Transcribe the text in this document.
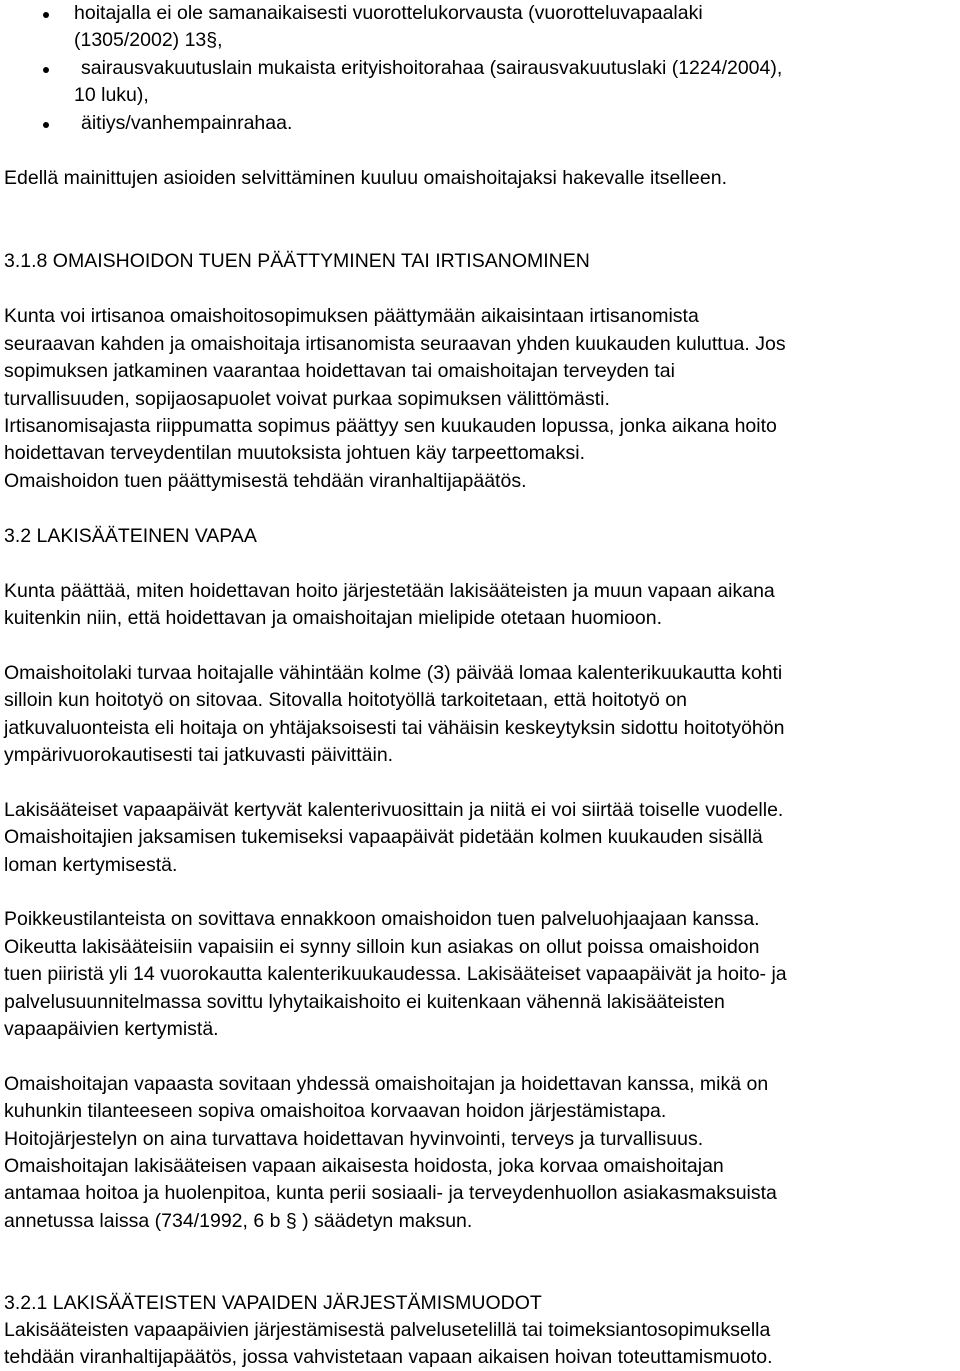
hoitajalla ei ole samanaikaisesti vuorottelukorvausta (vuorotteluvapaalaki
(1305/2002) 13§,
sairausvakuutuslain mukaista erityishoitorahaa (sairausvakuutuslaki (1224/2004),
10 luku),
äitiys/vanhempainrahaa.
Edellä mainittujen asioiden selvittäminen kuuluu omaishoitajaksi hakevalle itselleen.
3.1.8 OMAISHOIDON TUEN PÄÄTTYMINEN TAI IRTISANOMINEN
Kunta voi irtisanoa omaishoitosopimuksen päättymään aikaisintaan irtisanomista
seuraavan kahden ja omaishoitaja irtisanomista seuraavan yhden kuukauden kuluttua. Jos
sopimuksen jatkaminen vaarantaa hoidettavan tai omaishoitajan terveyden tai
turvallisuuden, sopijaosapuolet voivat purkaa sopimuksen välittömästi.
Irtisanomisajasta riippumatta sopimus päättyy sen kuukauden lopussa, jonka aikana hoito
hoidettavan terveydentilan muutoksista johtuen käy tarpeettomaksi.
Omaishoidon tuen päättymisestä tehdään viranhaltijapäätös.
3.2 LAKISÄÄTEINEN VAPAA
Kunta päättää, miten hoidettavan hoito järjestetään lakisääteisten ja muun vapaan aikana
kuitenkin niin, että hoidettavan ja omaishoitajan mielipide otetaan huomioon.
Omaishoitolaki turvaa hoitajalle vähintään kolme (3) päivää lomaa kalenterikuukautta kohti
silloin kun hoitotyö on sitovaa. Sitovalla hoitotyöllä tarkoitetaan, että hoitotyö on
jatkuvaluonteista eli hoitaja on yhtäjaksoisesti tai vähäisin keskeytyksin sidottu hoitotyöhön
ympärivuorokautisesti tai jatkuvasti päivittäin.
Lakisääteiset vapaapäivät kertyvät kalenterivuosittain ja niitä ei voi siirtää toiselle vuodelle.
Omaishoitajien jaksamisen tukemiseksi vapaapäivät pidetään kolmen kuukauden sisällä
loman kertymisestä.
Poikkeustilanteista on sovittava ennakkoon omaishoidon tuen palveluohjaajaan kanssa.
Oikeutta lakisääteisiin vapaisiin ei synny silloin kun asiakas on ollut poissa omaishoidon
tuen piiristä yli 14 vuorokautta kalenterikuukaudessa. Lakisääteiset vapaapäivät ja hoito- ja
palvelusuunnitelmassa sovittu lyhytaikaishoito ei kuitenkaan vähennä lakisääteisten
vapaapäivien kertymistä.
Omaishoitajan vapaasta sovitaan yhdessä omaishoitajan ja hoidettavan kanssa, mikä on
kuhunkin tilanteeseen sopiva omaishoitoa korvaavan hoidon järjestämistapa.
Hoitojärjestelyn on aina turvattava hoidettavan hyvinvointi, terveys ja turvallisuus.
Omaishoitajan lakisääteisen vapaan aikaisesta hoidosta, joka korvaa omaishoitajan
antamaa hoitoa ja huolenpitoa, kunta perii sosiaali- ja terveydenhuollon asiakasmaksuista
annetussa laissa (734/1992, 6 b § ) säädetyn maksun.
3.2.1 LAKISÄÄTEISTEN VAPAIDEN JÄRJESTÄMISMUODOT
Lakisääteisten vapaapäivien järjestämisestä palvelusetelillä tai toimeksiantosopimuksella
tehdään viranhaltijapäätös, jossa vahvistetaan vapaan aikaisen hoivan toteuttamismuoto.
